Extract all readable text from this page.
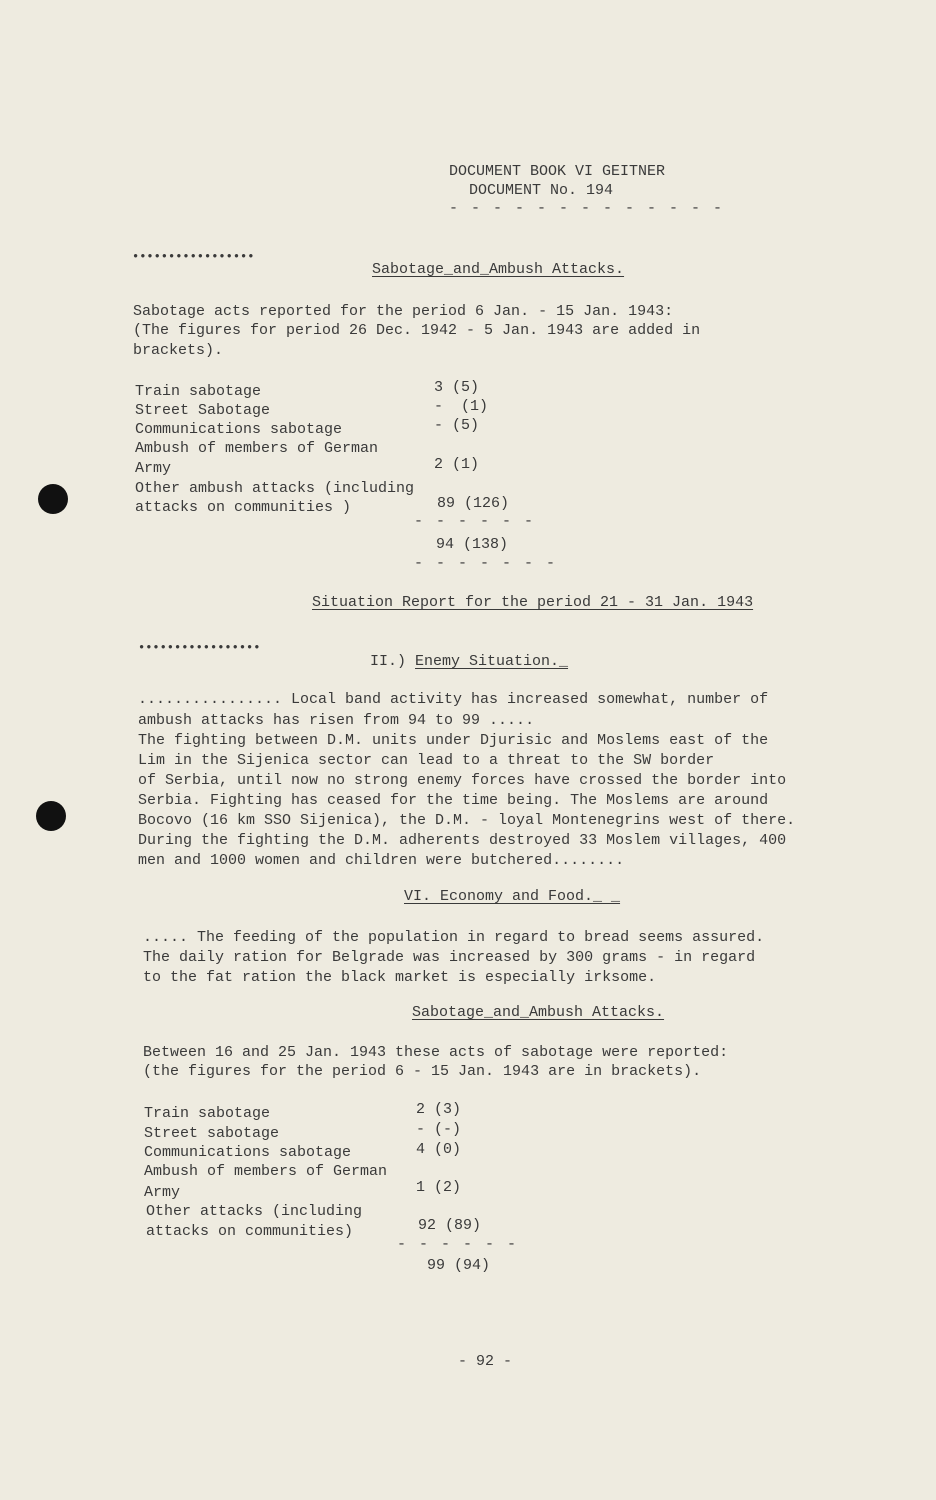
DOCUMENT BOOK VI GEITNER
DOCUMENT No. 194
- - - - - - - - - - - - -
•••••••••••••••••
Sabotage_and_Ambush Attacks.
Sabotage acts reported for the period 6 Jan. - 15 Jan. 1943:
(The figures for period 26 Dec. 1942 - 5 Jan. 1943 are added in
brackets).
Train sabotage	3 (5)
Street Sabotage	-  (1)
Communications sabotage	- (5)
Ambush of members of German
Army	2 (1)
Other ambush attacks (including
attacks on communities )	89 (126)
- - - - - -
94 (138)
- - - - - - -
Situation Report for the period 21 - 31 Jan. 1943
•••••••••••••••••
II.) Enemy Situation._
................ Local band activity has increased somewhat, number of
ambush attacks has risen from 94 to 99 .....
The fighting between D.M. units under Djurisic and Moslems east of the
Lim in the Sijenica sector can lead to a threat to the SW border
of Serbia, until now no strong enemy forces have crossed the border into
Serbia. Fighting has ceased for the time being. The Moslems are around
Bocovo (16 km SSO Sijenica), the D.M. - loyal Montenegrins west of there.
During the fighting the D.M. adherents destroyed 33 Moslem villages, 400
men and 1000 women and children were butchered........
VI. Economy and Food._ _
..... The feeding of the population in regard to bread seems assured.
The daily ration for Belgrade was increased by 300 grams - in regard
to the fat ration the black market is especially irksome.
Sabotage_and_Ambush Attacks.
Between 16 and 25 Jan. 1943 these acts of sabotage were reported:
(the figures for the period 6 - 15 Jan. 1943 are in brackets).
Train sabotage	2 (3)
Street sabotage	- (-)
Communications sabotage	4 (0)
Ambush of members of German
Army	1 (2)
Other attacks (including
attacks on communities)	92 (89)
- - - - - -
99 (94)
- 92 -
